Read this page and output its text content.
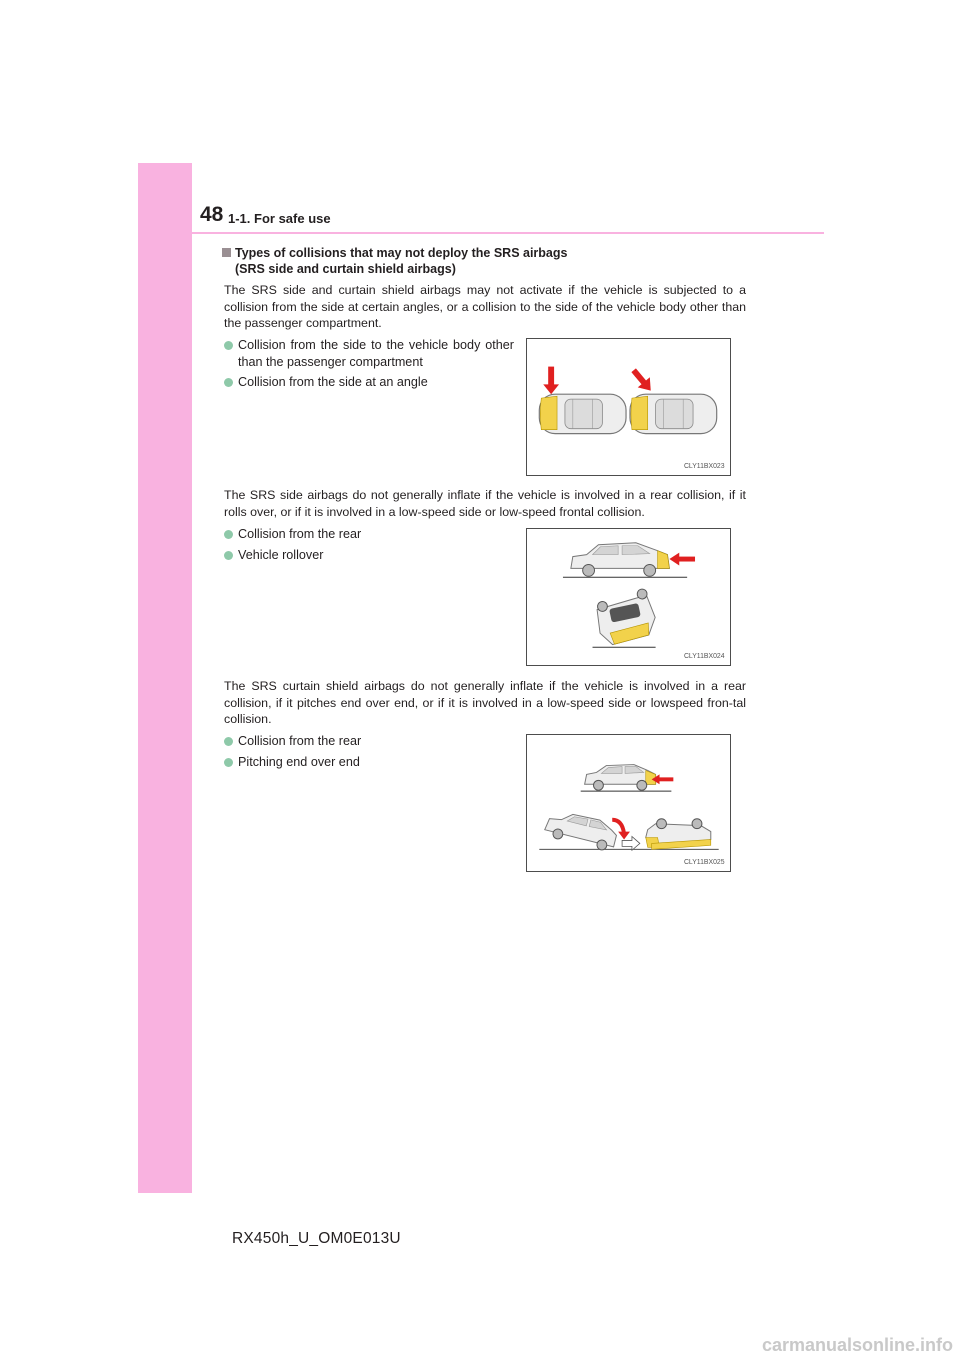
48 1-1. For safe use
Types of collisions that may not deploy the SRS airbags
(SRS side and curtain shield airbags)
The SRS side and curtain shield airbags may not activate if the vehicle is subjected to a collision from the side at certain angles, or a collision to the side of the vehicle body other than the passenger compartment.
Collision from the side to the vehicle body other than the passenger compartment
Collision from the side at an angle
CLY11BX023
The SRS side airbags do not generally inflate if the vehicle is involved in a rear collision, if it rolls over, or if it is involved in a low-speed side or low-speed frontal collision.
Collision from the rear
Vehicle rollover
CLY11BX024
The SRS curtain shield airbags do not generally inflate if the vehicle is involved in a rear collision, if it pitches end over end, or if it is involved in a low-speed side or lowspeed fron-tal collision.
Collision from the rear
Pitching end over end
CLY11BX025
RX450h_U_OM0E013U
carmanualsonline.info
